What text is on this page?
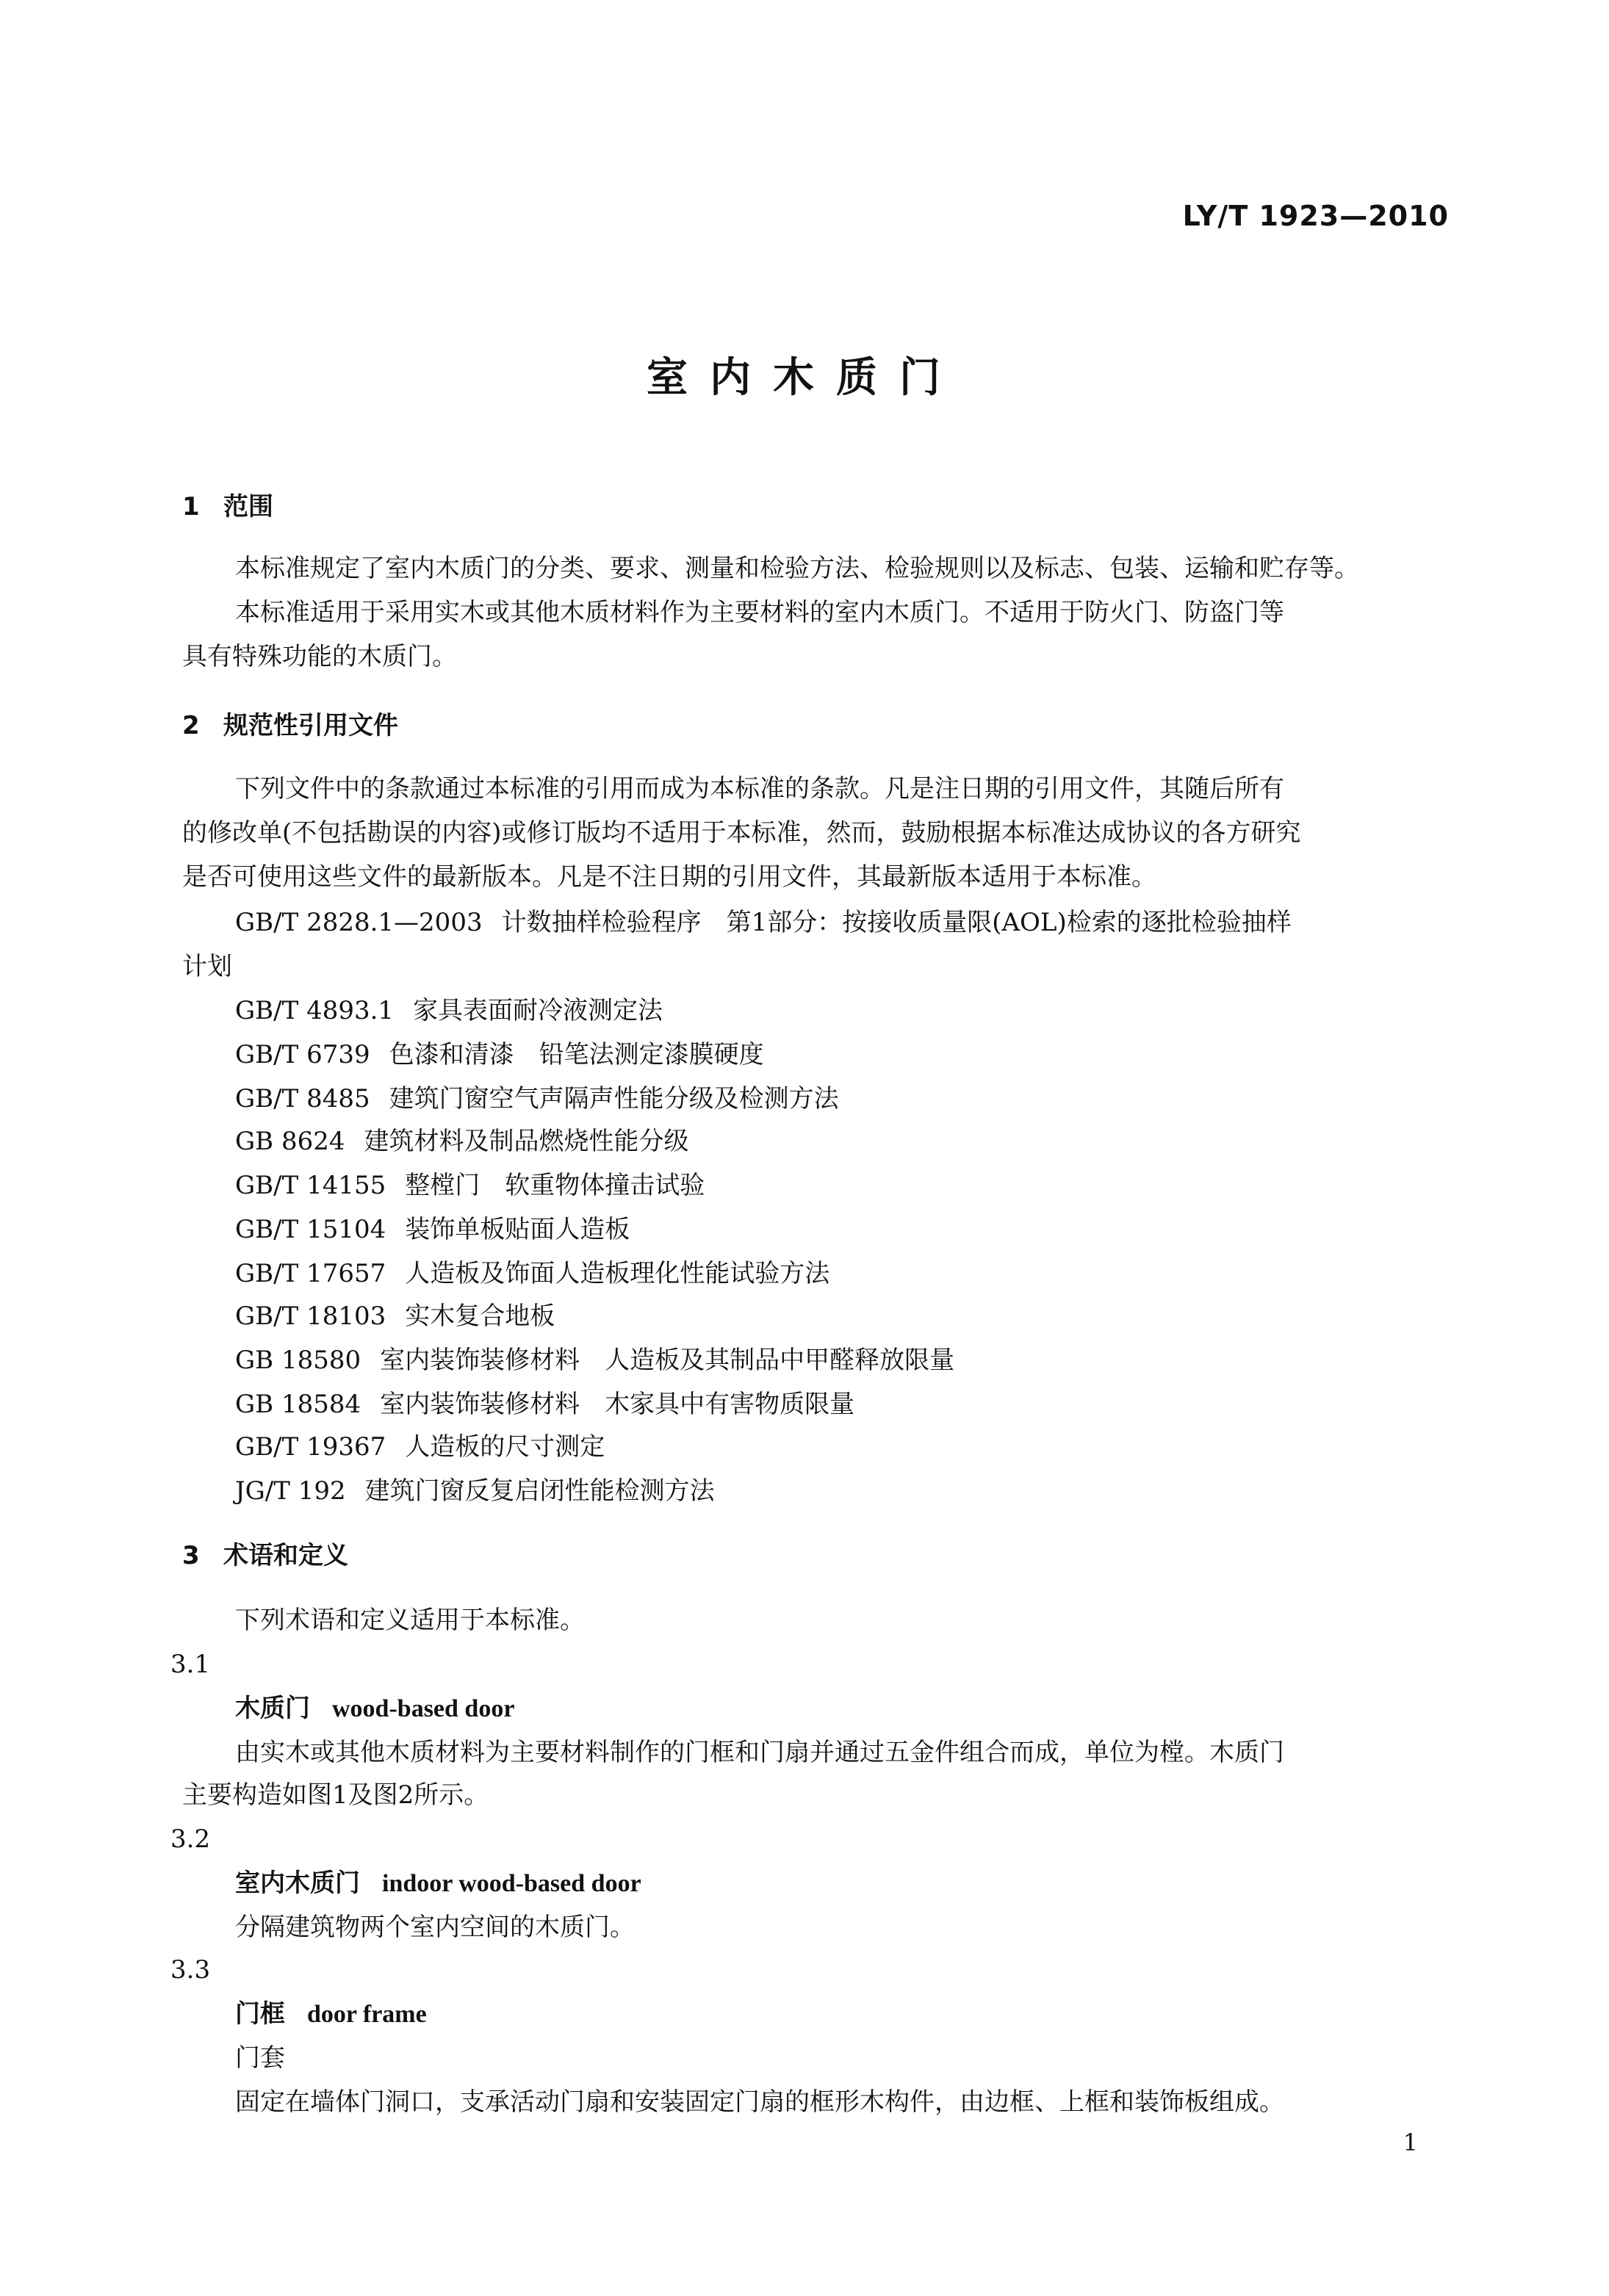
LY/T 1923—2010
室内木质门
1 范围
本标准规定了室内木质门的分类、要求、测量和检验方法、检验规则以及标志、包装、运输和贮存等。
本标准适用于采用实木或其他木质材料作为主要材料的室内木质门。不适用于防火门、防盗门等
具有特殊功能的木质门。
2 规范性引用文件
下列文件中的条款通过本标准的引用而成为本标准的条款。凡是注日期的引用文件，其随后所有
的修改单(不包括勘误的内容)或修订版均不适用于本标准，然而，鼓励根据本标准达成协议的各方研究
是否可使用这些文件的最新版本。凡是不注日期的引用文件，其最新版本适用于本标准。
GB/T 2828.1—2003 计数抽样检验程序　第1部分：按接收质量限(AOL)检索的逐批检验抽样
计划
GB/T 4893.1 家具表面耐冷液测定法
GB/T 6739 色漆和清漆　铅笔法测定漆膜硬度
GB/T 8485 建筑门窗空气声隔声性能分级及检测方法
GB 8624 建筑材料及制品燃烧性能分级
GB/T 14155 整樘门　软重物体撞击试验
GB/T 15104 装饰单板贴面人造板
GB/T 17657 人造板及饰面人造板理化性能试验方法
GB/T 18103 实木复合地板
GB 18580 室内装饰装修材料　人造板及其制品中甲醛释放限量
GB 18584 室内装饰装修材料　木家具中有害物质限量
GB/T 19367 人造板的尺寸测定
JG/T 192 建筑门窗反复启闭性能检测方法
3 术语和定义
下列术语和定义适用于本标准。
3.1
木质门 wood-based door
由实木或其他木质材料为主要材料制作的门框和门扇并通过五金件组合而成，单位为樘。木质门
主要构造如图1及图2所示。
3.2
室内木质门 indoor wood-based door
分隔建筑物两个室内空间的木质门。
3.3
门框 door frame
门套
固定在墙体门洞口，支承活动门扇和安装固定门扇的框形木构件，由边框、上框和装饰板组成。
1
